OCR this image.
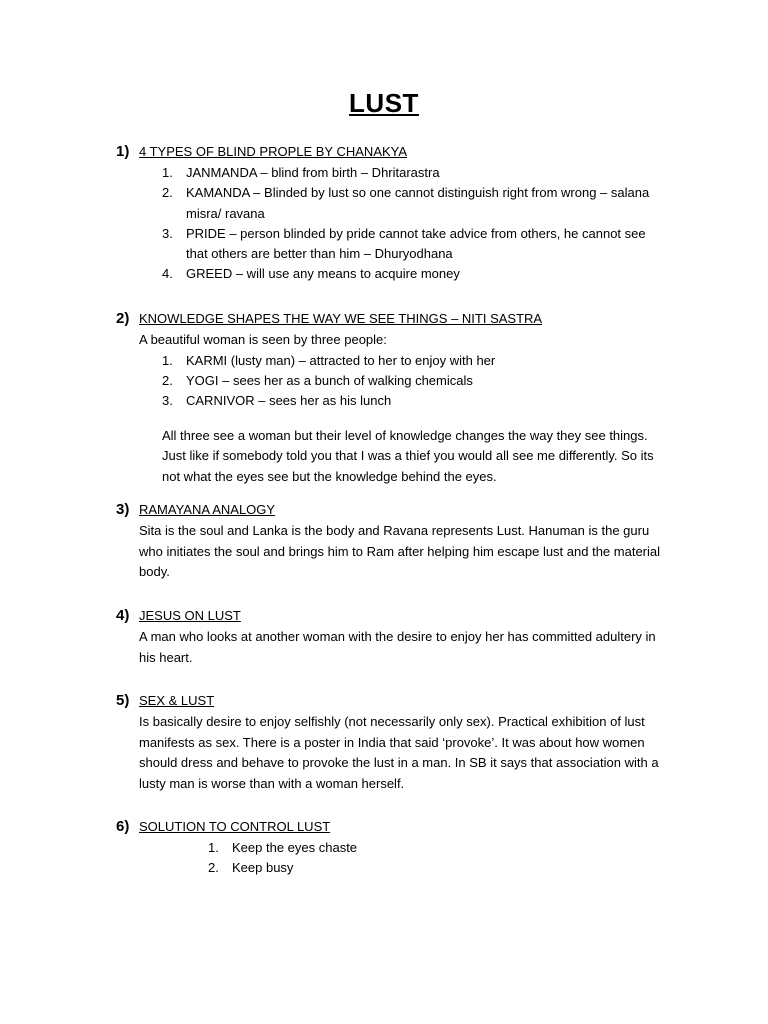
LUST
1) 4 TYPES OF BLIND PROPLE BY CHANAKYA
1. JANMANDA – blind from birth – Dhritarastra
2. KAMANDA – Blinded by lust so one cannot distinguish right from wrong – salana misra/ ravana
3. PRIDE – person blinded by pride cannot take advice from others, he cannot see that others are better than him – Dhuryodhana
4. GREED – will use any means to acquire money
2) KNOWLEDGE SHAPES THE WAY WE SEE THINGS – NITI SASTRA

A beautiful woman is seen by three people:

1. KARMI (lusty man) – attracted to her to enjoy with her
2. YOGI – sees her as a bunch of walking chemicals
3. CARNIVOR – sees her as his lunch

All three see a woman but their level of knowledge changes the way they see things. Just like if somebody told you that I was a thief you would all see me differently. So its not what the eyes see but the knowledge behind the eyes.

3) RAMAYANA ANALOGY

Sita is the soul and Lanka is the body and Ravana represents Lust. Hanuman is the guru who initiates the soul and brings him to Ram after helping him escape lust and the material body.

4) JESUS ON LUST

A man who looks at another woman with the desire to enjoy her has committed adultery in his heart.

5) SEX & LUST

Is basically desire to enjoy selfishly (not necessarily only sex). Practical exhibition of lust manifests as sex. There is a poster in India that said ‘provoke’. It was about how women should dress and behave to provoke the lust in a man. In SB it says that association with a lusty man is worse than with a woman herself.

6) SOLUTION TO CONTROL LUST
1. Keep the eyes chaste
2. Keep busy
